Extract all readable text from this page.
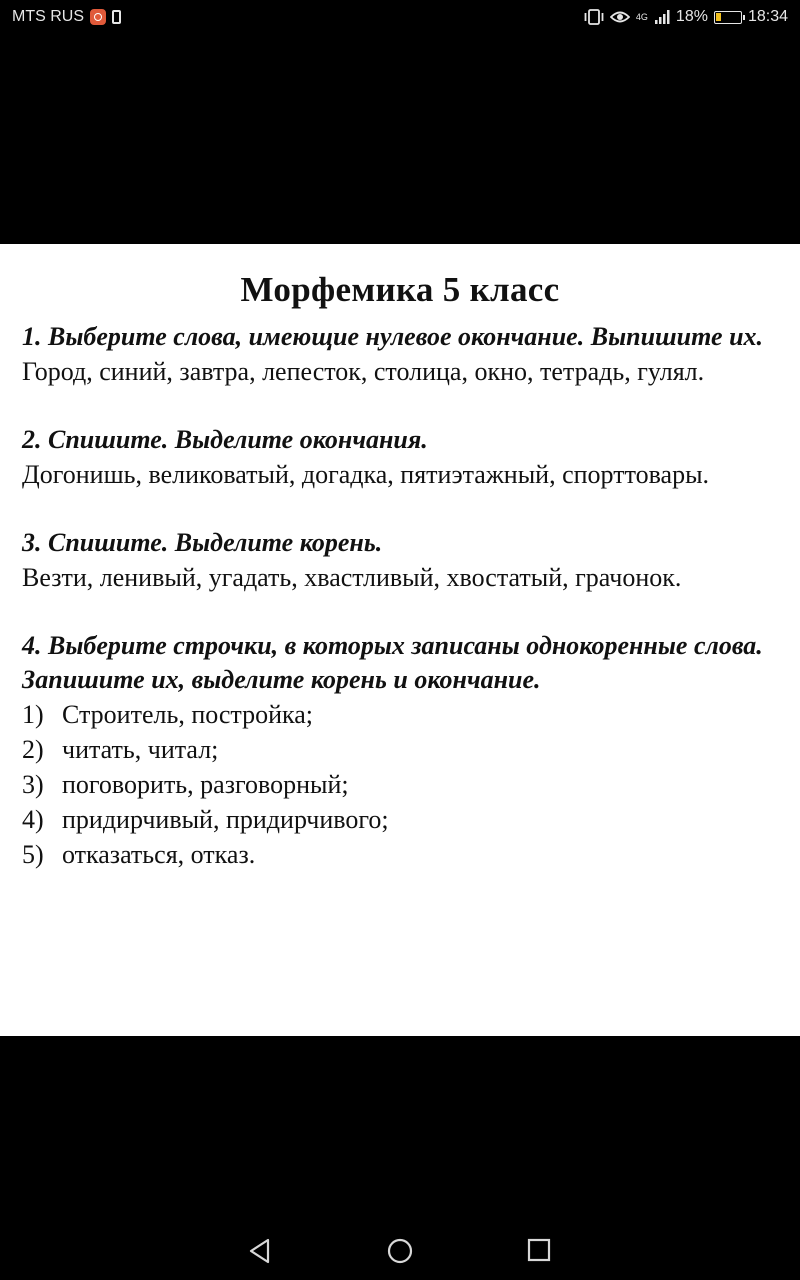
MTS RUS	4G 18%	18:34
Морфемика 5 класс

1. Выберите слова, имеющие нулевое окончание. Выпишите их.

Город, синий, завтра, лепесток, столица, окно, тетрадь, гулял.

2. Спишите. Выделите окончания.

Догонишь, великоватый, догадка, пятиэтажный, спорттовары.

3. Спишите. Выделите корень.

Везти, ленивый, угадать, хвастливый, хвостатый, грачонок.

4. Выберите строчки, в которых записаны однокоренные слова. Запишите их, выделите корень и окончание.

1) Строитель, постройка;
2) читать, читал;
3) поговорить, разговорный;
4) придирчивый, придирчивого;
5) отказаться, отказ.
